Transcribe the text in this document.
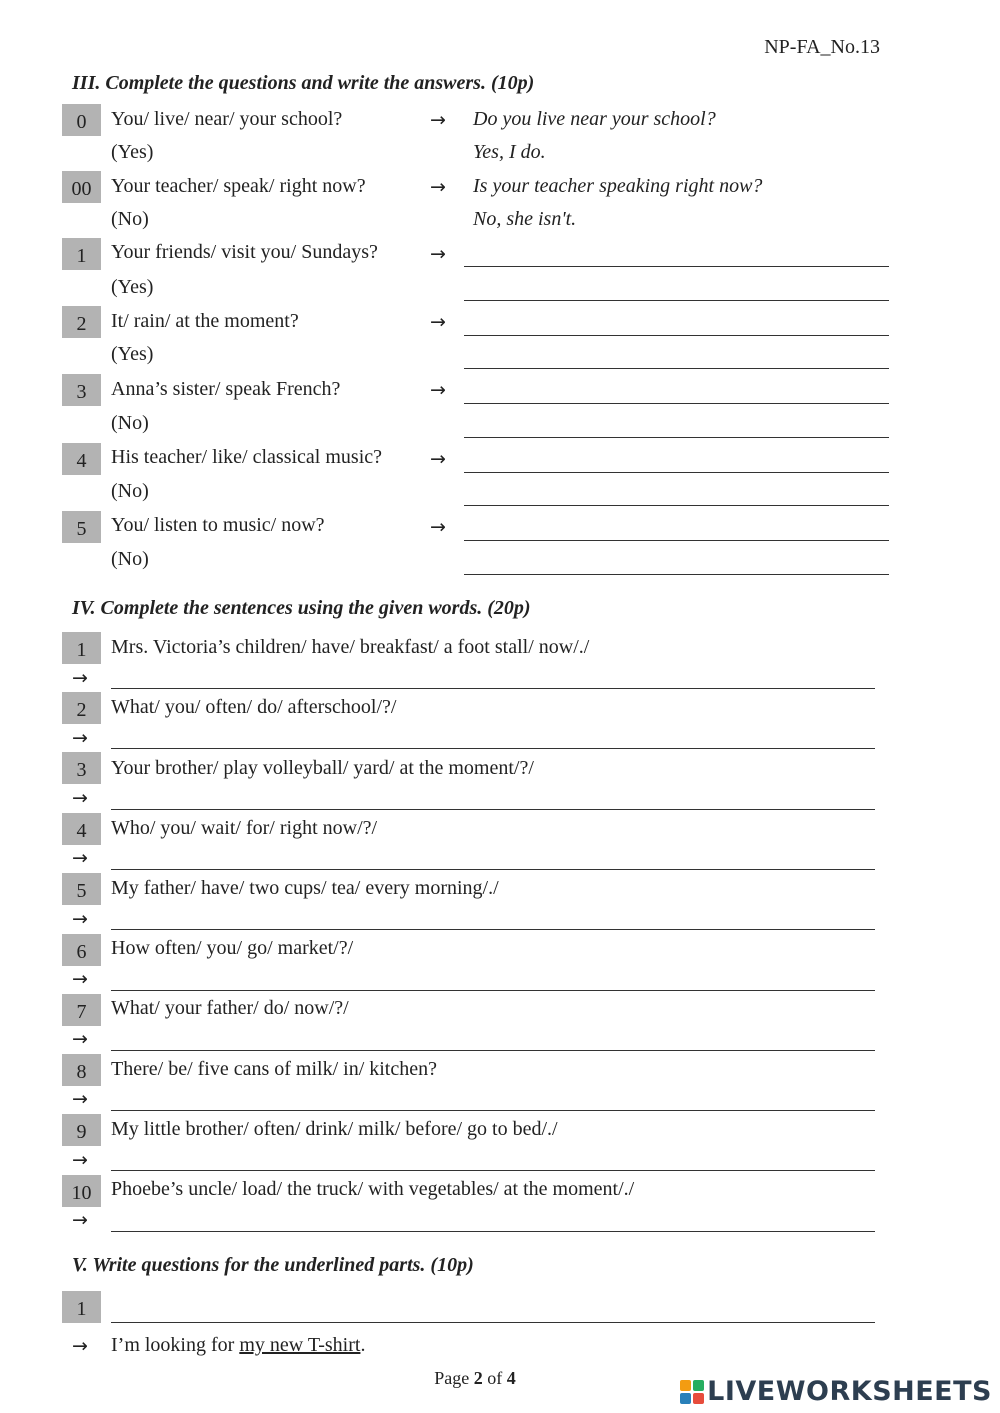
NP-FA_No.13
III. Complete the questions and write the answers. (10p)
0	You/ live/ near/ your school?	→ Do you live near your school?
(Yes)	Yes, I do.
00 Your teacher/ speak/ right now?	→ Is your teacher speaking right now?
(No)	No, she isn't.
1	Your friends/ visit you/ Sundays?	→
(Yes)
2	It/ rain/ at the moment?	→
(Yes)
3	Anna’s sister/ speak French?	→
(No)
4	His teacher/ like/ classical music?	→
(No)
5	You/ listen to music/ now?	→
(No)
IV. Complete the sentences using the given words. (20p)
1	Mrs. Victoria’s children/ have/ breakfast/ a foot stall/ now/./
→
2	What/ you/ often/ do/ afterschool/?/
→
3	Your brother/ play volleyball/ yard/ at the moment/?/
→
4	Who/ you/ wait/ for/ right now/?/
→
5	My father/ have/ two cups/ tea/ every morning/./
→
6	How often/ you/ go/ market/?/
→
7	What/ your father/ do/ now/?/
→
8	There/ be/ five cans of milk/ in/ kitchen?
→
9	My little brother/ often/ drink/ milk/ before/ go to bed/./
→
10 Phoebe’s uncle/ load/ the truck/ with vegetables/ at the moment/./
→
V. Write questions for the underlined parts. (10p)
1
→ I’m looking for my new T-shirt.
Page 2 of 4	LIVEWORKSHEETS
